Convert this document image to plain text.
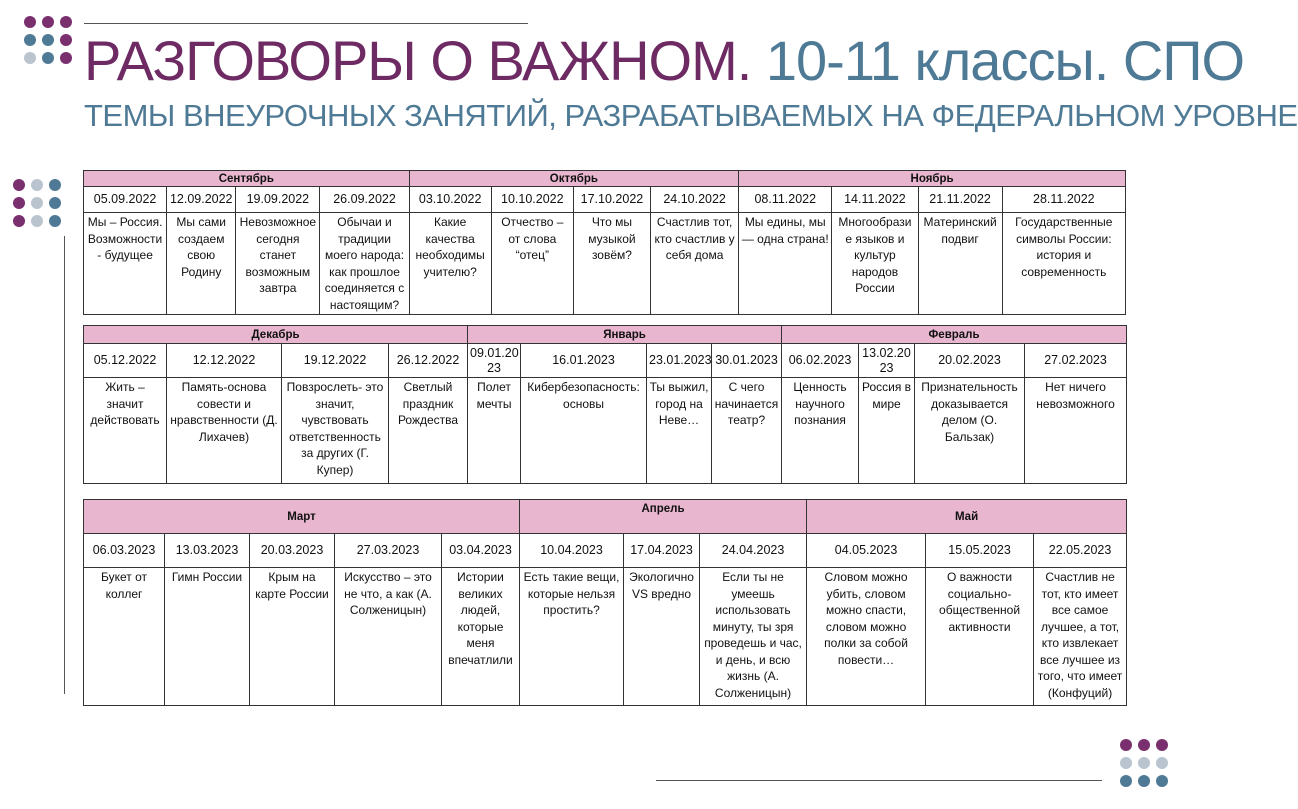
РАЗГОВОРЫ О ВАЖНОМ. 10-11 классы. СПО
ТЕМЫ ВНЕУРОЧНЫХ ЗАНЯТИЙ, РАЗРАБАТЫВАЕМЫХ НА ФЕДЕРАЛЬНОМ УРОВНЕ
Сентябрь				Октябрь				Ноябрь			
05.09.2022	12.09.2022	19.09.2022	26.09.2022	03.10.2022	10.10.2022	17.10.2022	24.10.2022	08.11.2022	14.11.2022	21.11.2022	28.11.2022
Мы – Россия. Возможности - будущее	Мы сами создаем свою Родину	Невозможное сегодня станет возможным завтра	Обычаи и традиции моего народа: как прошлое соединяется с настоящим?	Какие качества необходимы учителю?	Отчество – от слова “отец”	Что мы музыкой зовём?	Счастлив тот, кто счастлив у себя дома	Мы едины, мы — одна страна!	Многообрази е языков и культур народов России	Материнский подвиг	Государственные символы России: история и современность
Декабрь				Январь				Февраль			
05.12.2022	12.12.2022	19.12.2022	26.12.2022	09.01.20 23	16.01.2023	23.01.2023	30.01.2023	06.02.2023	13.02.20 23	20.02.2023	27.02.2023
Жить – значит действовать	Память-основа совести и нравственности (Д. Лихачев)	Повзрослеть- это значит, чувствовать ответственность за других (Г. Купер)	Светлый праздник Рождества	Полет мечты	Кибербезопасность: основы	Ты выжил, город на Неве…	С чего начинается театр?	Ценность научного познания	Россия в мире	Признательность доказывается делом (О. Бальзак)	Нет ничего невозможного
Март					Апрель			Май		
06.03.2023	13.03.2023	20.03.2023	27.03.2023	03.04.2023	10.04.2023	17.04.2023	24.04.2023	04.05.2023	15.05.2023	22.05.2023
Букет от коллег	Гимн России	Крым на карте России	Искусство – это не что, а как (А. Солженицын)	Истории великих людей, которые меня впечатлили	Есть такие вещи, которые нельзя простить?	Экологично VS вредно	Если ты не умеешь использовать минуту, ты зря проведешь и час, и день, и всю жизнь (А. Солженицын)	Словом можно убить, словом можно спасти, словом можно полки за собой повести…	О важности социально-общественной активности	Счастлив не тот, кто имеет все самое лучшее, а тот, кто извлекает все лучшее из того, что имеет (Конфуций)
